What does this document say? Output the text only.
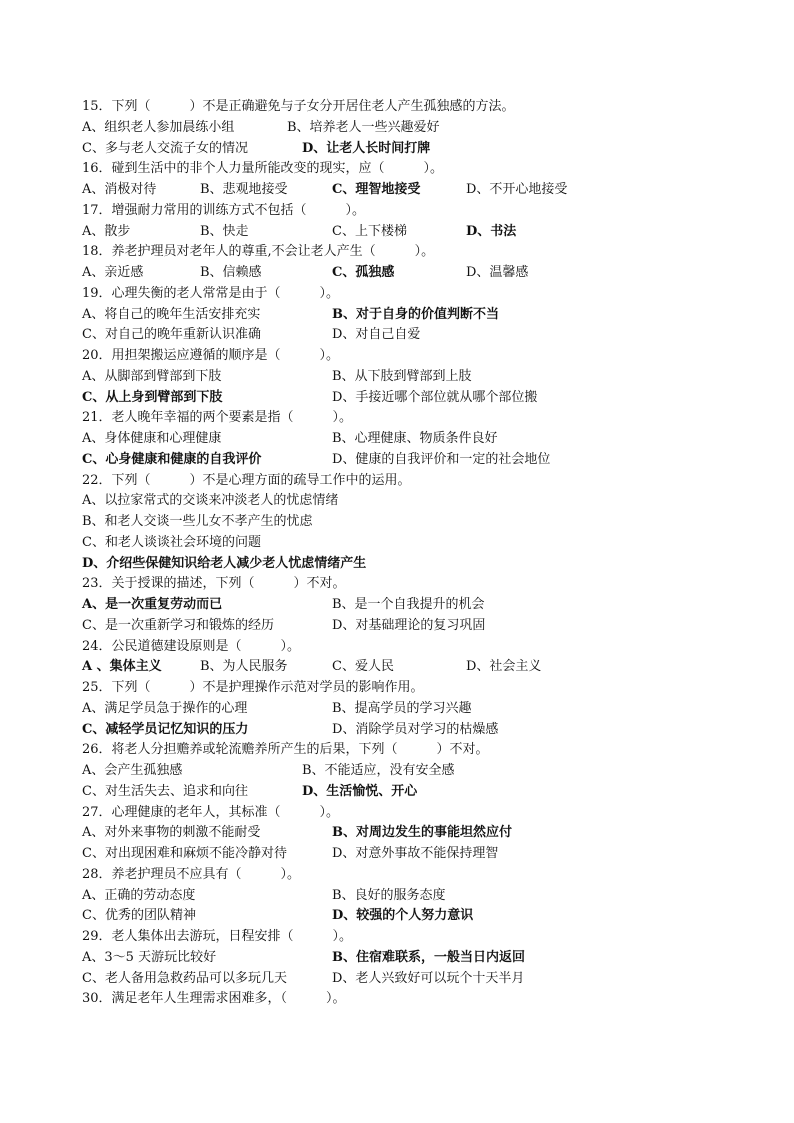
15．下列（　　　）不是正确避免与子女分开居住老人产生孤独感的方法。
A、组织老人参加晨练小组	B、培养老人一些兴趣爱好
C、多与老人交流子女的情况	D、让老人长时间打牌
16．碰到生活中的非个人力量所能改变的现实，应（　　　）。
A、消极对待	B、悲观地接受	C、理智地接受	D、不开心地接受
17．增强耐力常用的训练方式不包括（　　　）。
A、散步	B、快走	C、上下楼梯	D、书法
18．养老护理员对老年人的尊重,不会让老人产生（　　　）。
A、亲近感	B、信赖感	C、孤独感	D、温馨感
19．心理失衡的老人常常是由于（　　　）。
A、将自己的晚年生活安排充实	B、对于自身的价值判断不当
C、对自己的晚年重新认识准确	D、对自己自爱
20．用担架搬运应遵循的顺序是（　　　）。
A、从脚部到臂部到下肢	B、从下肢到臂部到上肢
C、从上身到臂部到下肢	D、手接近哪个部位就从哪个部位搬
21．老人晚年幸福的两个要素是指（　　　）。
A、身体健康和心理健康	B、心理健康、物质条件良好
C、心身健康和健康的自我评价	D、健康的自我评价和一定的社会地位
22．下列（　　　）不是心理方面的疏导工作中的运用。
A、以拉家常式的交谈来冲淡老人的忧虑情绪
B、和老人交谈一些儿女不孝产生的忧虑
C、和老人谈谈社会环境的问题
D、介绍些保健知识给老人减少老人忧虑情绪产生
23．关于授课的描述，下列（　　　）不对。
A、是一次重复劳动而已	B、是一个自我提升的机会
C、是一次重新学习和锻炼的经历	D、对基础理论的复习巩固
24．公民道德建设原则是（　　　）。
A 、集体主义	B、为人民服务	C、爱人民	D、社会主义
25．下列（　　　）不是护理操作示范对学员的影响作用。
A、满足学员急于操作的心理	B、提高学员的学习兴趣
C、减轻学员记忆知识的压力	D、消除学员对学习的枯燥感
26．将老人分担赡养或轮流赡养所产生的后果，下列（　　　）不对。
A、会产生孤独感	B、不能适应，没有安全感
C、对生活失去、追求和向往	D、生活愉悦、开心
27．心理健康的老年人，其标准（　　　）。
A、对外来事物的刺激不能耐受	B、对周边发生的事能坦然应付
C、对出现困难和麻烦不能冷静对待	D、对意外事故不能保持理智
28．养老护理员不应具有（　　　）。
A、正确的劳动态度	B、良好的服务态度
C、优秀的团队精神	D、较强的个人努力意识
29．老人集体出去游玩，日程安排（　　　）。
A、3～5 天游玩比较好	B、住宿难联系，一般当日内返回
C、老人备用急救药品可以多玩几天	D、老人兴致好可以玩个十天半月
30．满足老年人生理需求困难多，（　　　）。
